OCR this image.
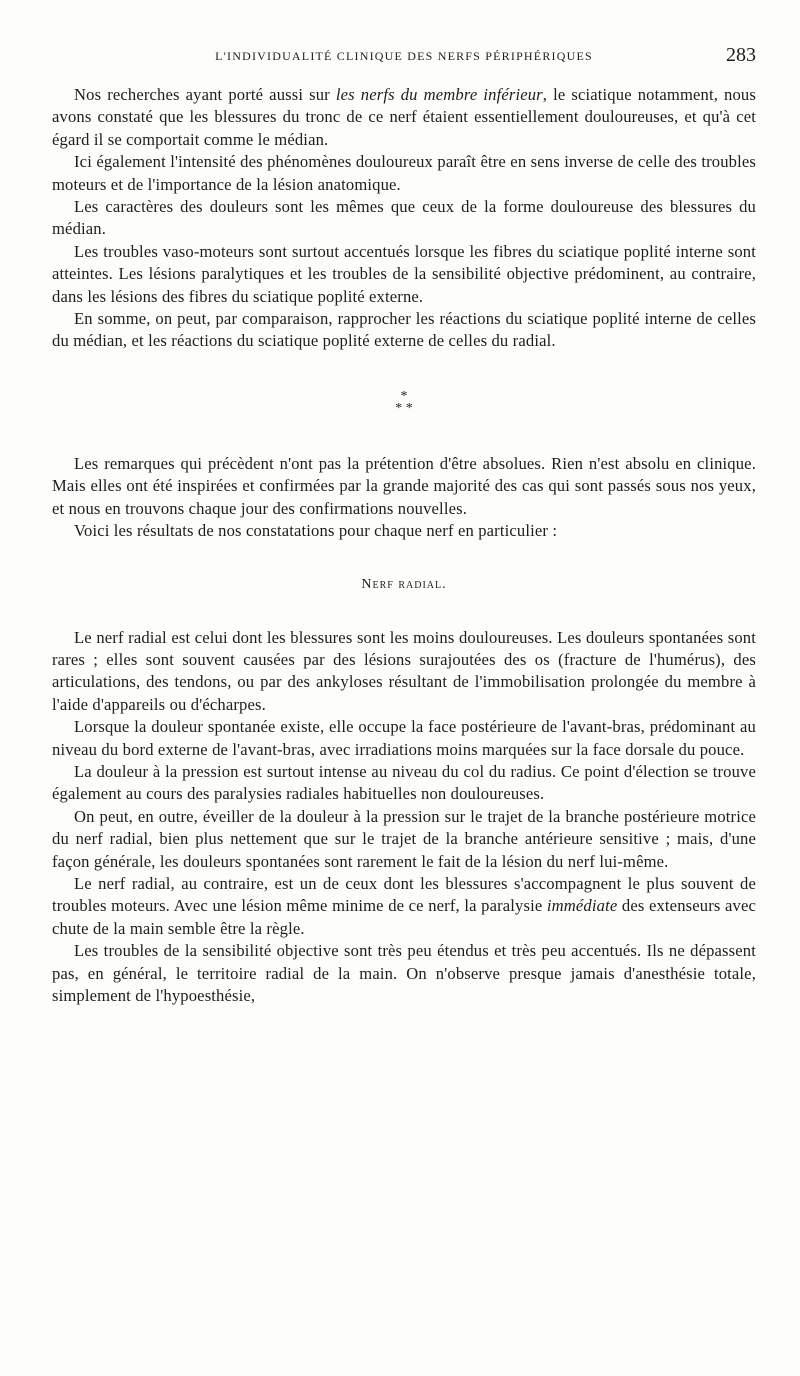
L'INDIVIDUALITÉ CLINIQUE DES NERFS PÉRIPHÉRIQUES	283

Nos recherches ayant porté aussi sur les nerfs du membre inférieur, le sciatique notamment, nous avons constaté que les blessures du tronc de ce nerf étaient essentiellement douloureuses, et qu'à cet égard il se comportait comme le médian.

Ici également l'intensité des phénomènes douloureux paraît être en sens inverse de celle des troubles moteurs et de l'importance de la lésion anatomique.

Les caractères des douleurs sont les mêmes que ceux de la forme douloureuse des blessures du médian.

Les troubles vaso-moteurs sont surtout accentués lorsque les fibres du sciatique poplité interne sont atteintes. Les lésions paralytiques et les troubles de la sensibilité objective prédominent, au contraire, dans les lésions des fibres du sciatique poplité externe.

En somme, on peut, par comparaison, rapprocher les réactions du sciatique poplité interne de celles du médian, et les réactions du sciatique poplité externe de celles du radial.

*
* *

Les remarques qui précèdent n'ont pas la prétention d'être absolues. Rien n'est absolu en clinique. Mais elles ont été inspirées et confirmées par la grande majorité des cas qui sont passés sous nos yeux, et nous en trouvons chaque jour des confirmations nouvelles.

Voici les résultats de nos constatations pour chaque nerf en particulier :

Nerf radial.

Le nerf radial est celui dont les blessures sont les moins douloureuses. Les douleurs spontanées sont rares ; elles sont souvent causées par des lésions surajoutées des os (fracture de l'humérus), des articulations, des tendons, ou par des ankyloses résultant de l'immobilisation prolongée du membre à l'aide d'appareils ou d'écharpes.

Lorsque la douleur spontanée existe, elle occupe la face postérieure de l'avant-bras, prédominant au niveau du bord externe de l'avant-bras, avec irradiations moins marquées sur la face dorsale du pouce.

La douleur à la pression est surtout intense au niveau du col du radius. Ce point d'élection se trouve également au cours des paralysies radiales habituelles non douloureuses.

On peut, en outre, éveiller de la douleur à la pression sur le trajet de la branche postérieure motrice du nerf radial, bien plus nettement que sur le trajet de la branche antérieure sensitive ; mais, d'une façon générale, les douleurs spontanées sont rarement le fait de la lésion du nerf lui-même.

Le nerf radial, au contraire, est un de ceux dont les blessures s'accompagnent le plus souvent de troubles moteurs. Avec une lésion même minime de ce nerf, la paralysie immédiate des extenseurs avec chute de la main semble être la règle.

Les troubles de la sensibilité objective sont très peu étendus et très peu accentués. Ils ne dépassent pas, en général, le territoire radial de la main. On n'observe presque jamais d'anesthésie totale, simplement de l'hypoesthésie,
